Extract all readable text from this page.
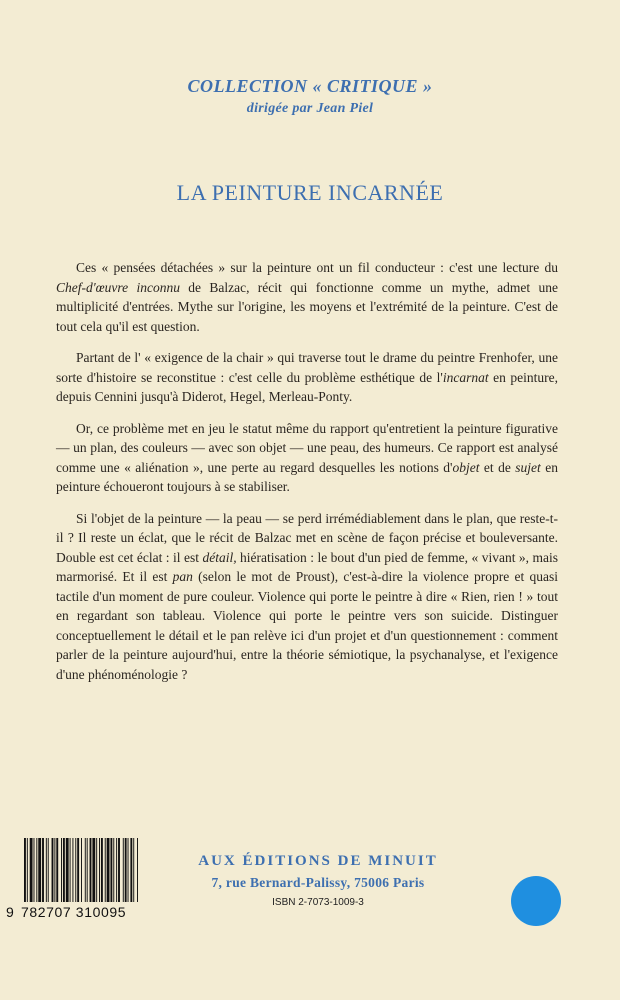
COLLECTION « CRITIQUE »
dirigée par Jean Piel
LA PEINTURE INCARNÉE

Ces « pensées détachées » sur la peinture ont un fil conducteur : c'est une lecture du Chef-d'œuvre inconnu de Balzac, récit qui fonctionne comme un mythe, admet une multiplicité d'entrées. Mythe sur l'origine, les moyens et l'extrémité de la peinture. C'est de tout cela qu'il est question.

Partant de l' « exigence de la chair » qui traverse tout le drame du peintre Frenhofer, une sorte d'histoire se reconstitue : c'est celle du problème esthétique de l'incarnat en peinture, depuis Cennini jusqu'à Diderot, Hegel, Merleau-Ponty.

Or, ce problème met en jeu le statut même du rapport qu'entretient la peinture figurative — un plan, des couleurs — avec son objet — une peau, des humeurs. Ce rapport est analysé comme une « aliénation », une perte au regard desquelles les notions d'objet et de sujet en peinture échoueront toujours à se stabiliser.

Si l'objet de la peinture — la peau — se perd irrémédiablement dans le plan, que reste-t-il ? Il reste un éclat, que le récit de Balzac met en scène de façon précise et bouleversante. Double est cet éclat : il est détail, hiératisation : le bout d'un pied de femme, « vivant », mais marmorisé. Et il est pan (selon le mot de Proust), c'est-à-dire la violence propre et quasi tactile d'un moment de pure couleur. Violence qui porte le peintre à dire « Rien, rien ! » tout en regardant son tableau. Violence qui porte le peintre vers son suicide. Distinguer conceptuellement le détail et le pan relève ici d'un projet et d'un questionnement : comment parler de la peinture aujourd'hui, entre la théorie sémiotique, la psychanalyse, et l'exigence d'une phénoménologie ?

9 782707 310095
AUX ÉDITIONS DE MINUIT
7, rue Bernard-Palissy, 75006 Paris
ISBN 2-7073-1009-3
